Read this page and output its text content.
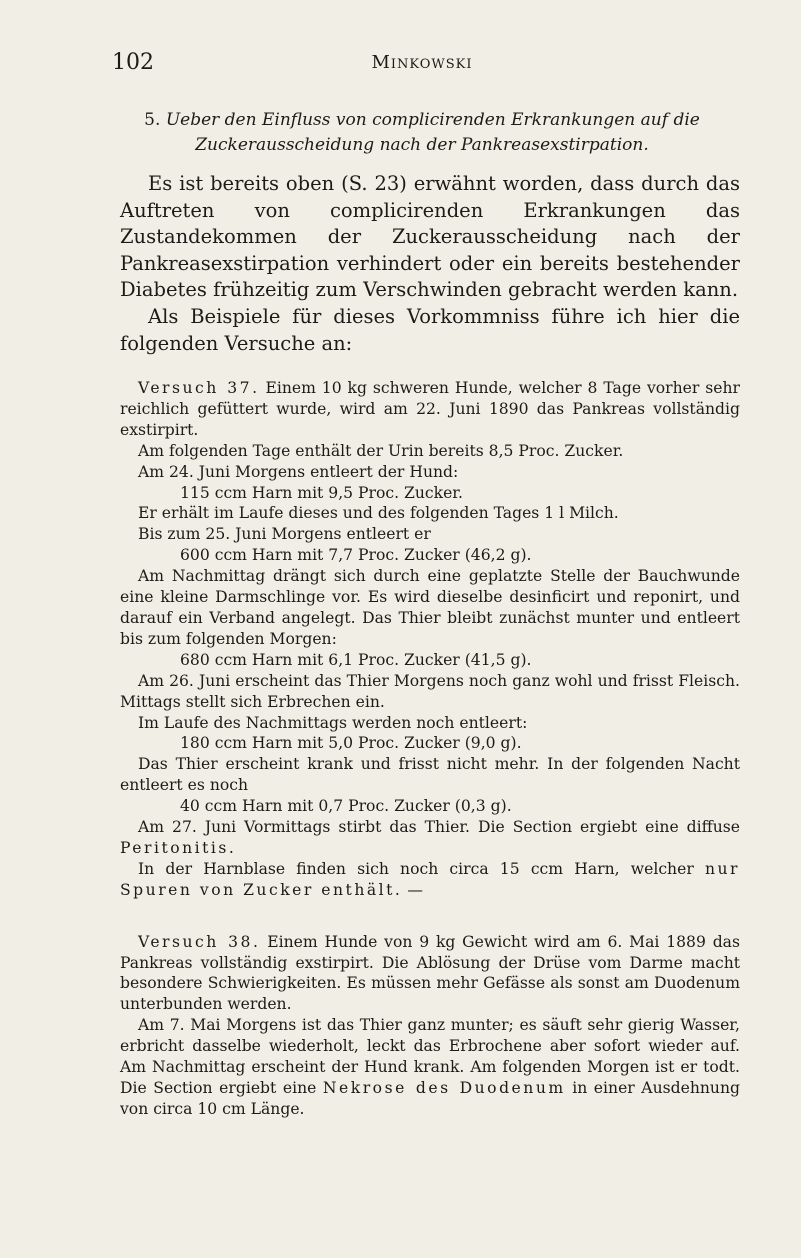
102	Minkowski
5. Ueber den Einfluss von complicirenden Erkrankungen auf die Zuckerausscheidung nach der Pankreasexstirpation.

Es ist bereits oben (S. 23) erwähnt worden, dass durch das Auftreten von complicirenden Erkrankungen das Zustandekommen der Zuckerausscheidung nach der Pankreasexstirpation verhindert oder ein bereits bestehender Diabetes frühzeitig zum Verschwinden gebracht werden kann.

Als Beispiele für dieses Vorkommniss führe ich hier die folgenden Versuche an:

Versuch 37. Einem 10 kg schweren Hunde, welcher 8 Tage vorher sehr reichlich gefüttert wurde, wird am 22. Juni 1890 das Pankreas vollständig exstirpirt.

Am folgenden Tage enthält der Urin bereits 8,5 Proc. Zucker.

Am 24. Juni Morgens entleert der Hund:

115 ccm Harn mit 9,5 Proc. Zucker.

Er erhält im Laufe dieses und des folgenden Tages 1 l Milch.

Bis zum 25. Juni Morgens entleert er

600 ccm Harn mit 7,7 Proc. Zucker (46,2 g).

Am Nachmittag drängt sich durch eine geplatzte Stelle der Bauchwunde eine kleine Darmschlinge vor. Es wird dieselbe desinficirt und reponirt, und darauf ein Verband angelegt. Das Thier bleibt zunächst munter und entleert bis zum folgenden Morgen:

680 ccm Harn mit 6,1 Proc. Zucker (41,5 g).

Am 26. Juni erscheint das Thier Morgens noch ganz wohl und frisst Fleisch. Mittags stellt sich Erbrechen ein.

Im Laufe des Nachmittags werden noch entleert:

180 ccm Harn mit 5,0 Proc. Zucker (9,0 g).

Das Thier erscheint krank und frisst nicht mehr. In der folgenden Nacht entleert es noch

40 ccm Harn mit 0,7 Proc. Zucker (0,3 g).

Am 27. Juni Vormittags stirbt das Thier. Die Section ergiebt eine diffuse Peritonitis.

In der Harnblase finden sich noch circa 15 ccm Harn, welcher nur Spuren von Zucker enthält. —

Versuch 38. Einem Hunde von 9 kg Gewicht wird am 6. Mai 1889 das Pankreas vollständig exstirpirt. Die Ablösung der Drüse vom Darme macht besondere Schwierigkeiten. Es müssen mehr Gefässe als sonst am Duodenum unterbunden werden.

Am 7. Mai Morgens ist das Thier ganz munter; es säuft sehr gierig Wasser, erbricht dasselbe wiederholt, leckt das Erbrochene aber sofort wieder auf. Am Nachmittag erscheint der Hund krank. Am folgenden Morgen ist er todt. Die Section ergiebt eine Nekrose des Duodenum in einer Ausdehnung von circa 10 cm Länge.
